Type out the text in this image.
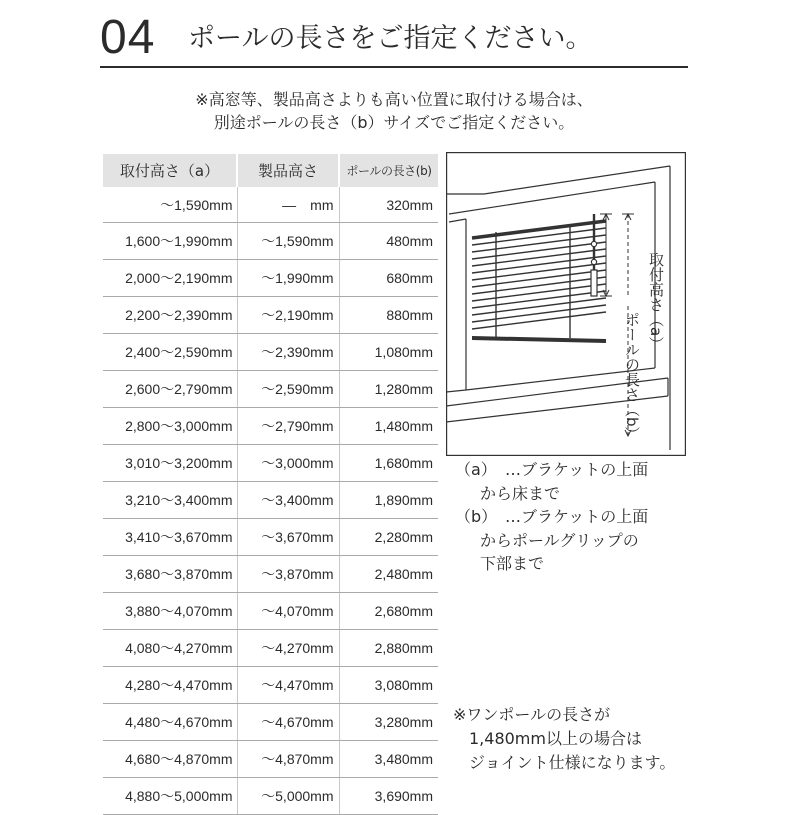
04 ポールの長さをご指定ください。
※高窓等、製品高さよりも高い位置に取付ける場合は、
別途ポールの長さ（b）サイズでご指定ください。
取付高さ（a）	製品高さ	ポールの長さ(b)
～1,590mm	―　mm	320mm
1,600～1,990mm	～1,590mm	480mm
2,000～2,190mm	～1,990mm	680mm
2,200～2,390mm	～2,190mm	880mm
2,400～2,590mm	～2,390mm	1,080mm
2,600～2,790mm	～2,590mm	1,280mm
2,800～3,000mm	～2,790mm	1,480mm
3,010～3,200mm	～3,000mm	1,680mm
3,210～3,400mm	～3,400mm	1,890mm
3,410～3,670mm	～3,670mm	2,280mm
3,680～3,870mm	～3,870mm	2,480mm
3,880～4,070mm	～4,070mm	2,680mm
4,080～4,270mm	～4,270mm	2,880mm
4,280～4,470mm	～4,470mm	3,080mm
4,480～4,670mm	～4,670mm	3,280mm
4,680～4,870mm	～4,870mm	3,480mm
4,880～5,000mm	～5,000mm	3,690mm
取付高さ（a）
ポールの長さ（b）
（a） …ブラケットの上面
から床まで
（b） …ブラケットの上面
からポールグリップの
下部まで
※ワンポールの長さが
1,480mm以上の場合は
ジョイント仕様になります。
